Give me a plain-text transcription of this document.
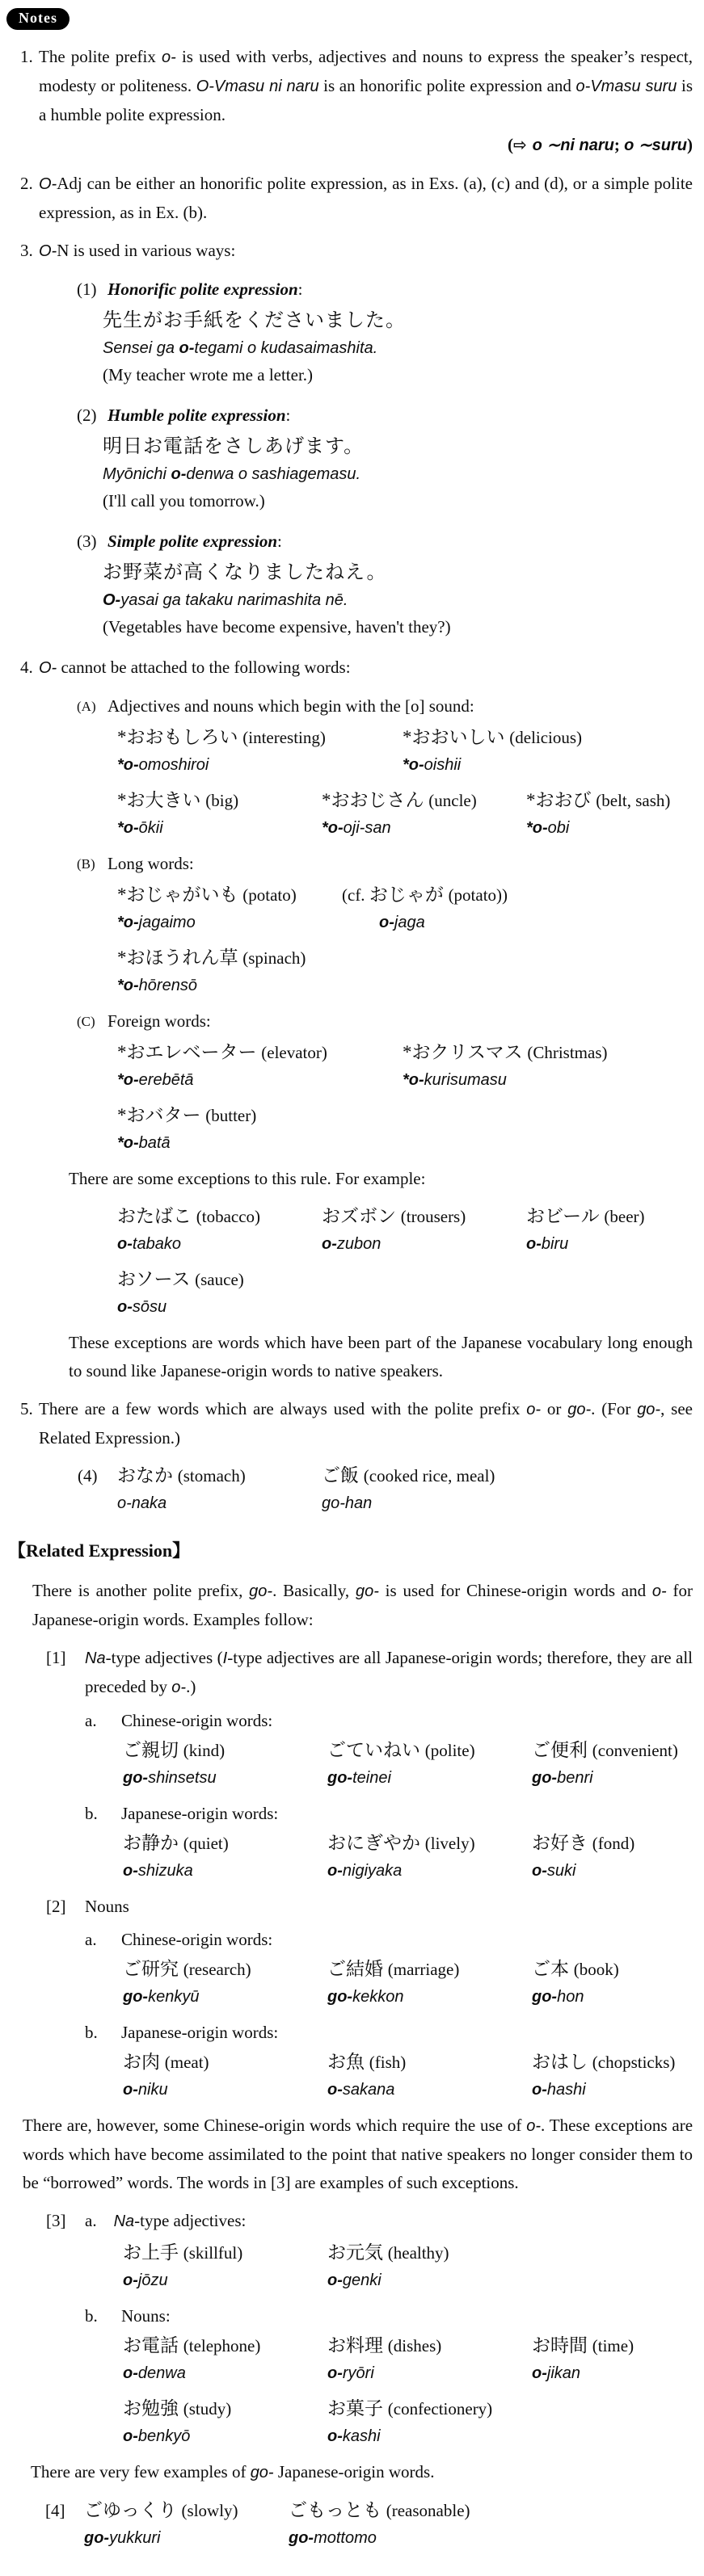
Notes
1. The polite prefix o- is used with verbs, adjectives and nouns to express the speaker’s respect, modesty or politeness. O-Vmasu ni naru is an honorific polite expression and o-Vmasu suru is a humble polite expression.
(⇨ o ∼ni naru; o ∼suru)
2. O-Adj can be either an honorific polite expression, as in Exs. (a), (c) and (d), or a simple polite expression, as in Ex. (b).
3. O-N is used in various ways:
(1) Honorific polite expression:
先生がお手紙をくださいました。
Sensei ga o-tegami o kudasaimashita.
(My teacher wrote me a letter.)
(2) Humble polite expression:
明日お電話をさしあげます。
Myōnichi o-denwa o sashiagemasu.
(I'll call you tomorrow.)
(3) Simple polite expression:
お野菜が高くなりましたねえ。
O-yasai ga takaku narimashita nē.
(Vegetables have become expensive, haven't they?)
4. O- cannot be attached to the following words:
(A) Adjectives and nouns which begin with the [o] sound:
*おおもしろい (interesting)
*o-omoshiroi
*おおいしい (delicious)
*o-oishii
*お大きい (big)
*o-ōkii
*おおじさん (uncle)
*o-oji-san
*おおび (belt, sash)
*o-obi
(B) Long words:
*おじゃがいも (potato)
*o-jagaimo
(cf. おじゃが (potato))
o-jaga
*おほうれん草 (spinach)
*o-hōrensō
(C) Foreign words:
*おエレベーター (elevator)
*o-erebētā
*おクリスマス (Christmas)
*o-kurisumasu
*おバター (butter)
*o-batā
There are some exceptions to this rule. For example:
おたばこ (tobacco)
o-tabako
おズボン (trousers)
o-zubon
おビール (beer)
o-biru
おソース (sauce)
o-sōsu
These exceptions are words which have been part of the Japanese vocabulary long enough to sound like Japanese-origin words to native speakers.
5. There are a few words which are always used with the polite prefix o- or go-. (For go-, see Related Expression.)
(4) おなか (stomach)
o-naka
ご飯 (cooked rice, meal)
go-han
【Related Expression】
There is another polite prefix, go-. Basically, go- is used for Chinese-origin words and o- for Japanese-origin words. Examples follow:
[1] Na-type adjectives (I-type adjectives are all Japanese-origin words; therefore, they are all preceded by o-.)
a. Chinese-origin words:
ご親切 (kind)
go-shinsetsu
ごていねい (polite)
go-teinei
ご便利 (convenient)
go-benri
b. Japanese-origin words:
お静か (quiet)
o-shizuka
おにぎやか (lively)
o-nigiyaka
お好き (fond)
o-suki
[2] Nouns
a. Chinese-origin words:
ご研究 (research)
go-kenkyū
ご結婚 (marriage)
go-kekkon
ご本 (book)
go-hon
b. Japanese-origin words:
お肉 (meat)
o-niku
お魚 (fish)
o-sakana
おはし (chopsticks)
o-hashi
There are, however, some Chinese-origin words which require the use of o-. These exceptions are words which have become assimilated to the point that native speakers no longer consider them to be “borrowed” words. The words in [3] are examples of such exceptions.
[3] a.  Na-type adjectives:
お上手 (skillful)
o-jōzu
お元気 (healthy)
o-genki
b. Nouns:
お電話 (telephone)
o-denwa
お料理 (dishes)
o-ryōri
お時間 (time)
o-jikan
お勉強 (study)
o-benkyō
お菓子 (confectionery)
o-kashi
There are very few examples of go- Japanese-origin words.
[4] ごゆっくり (slowly)
go-yukkuri
ごもっとも (reasonable)
go-mottomo
